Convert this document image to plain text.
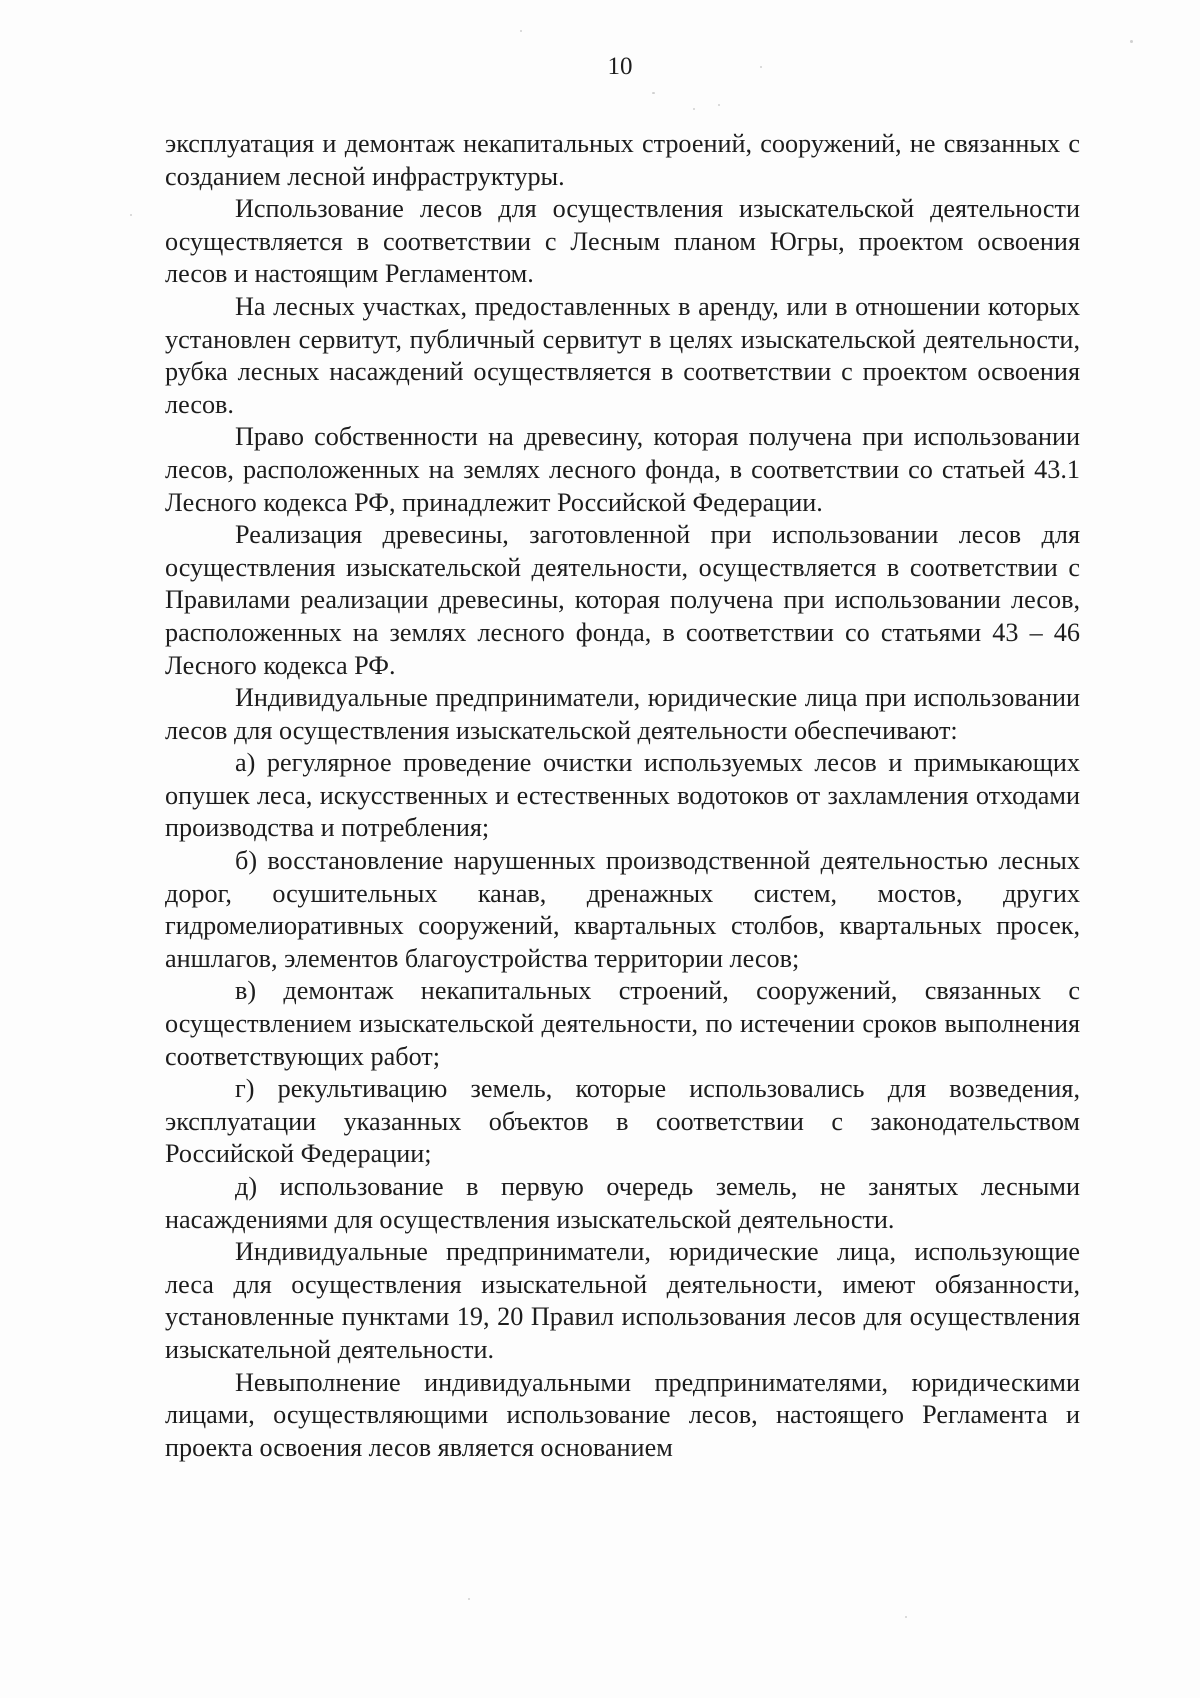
10

эксплуатация и демонтаж некапитальных строений, сооружений, не связанных с созданием лесной инфраструктуры.

Использование лесов для осуществления изыскательской деятельности осуществляется в соответствии с Лесным планом Югры, проектом освоения лесов и настоящим Регламентом.

На лесных участках, предоставленных в аренду, или в отношении которых установлен сервитут, публичный сервитут в целях изыскательской деятельности, рубка лесных насаждений осуществляется в соответствии с проектом освоения лесов.

Право собственности на древесину, которая получена при использовании лесов, расположенных на землях лесного фонда, в соответствии со статьей 43.1 Лесного кодекса РФ, принадлежит Российской Федерации.

Реализация древесины, заготовленной при использовании лесов для осуществления изыскательской деятельности, осуществляется в соответствии с Правилами реализации древесины, которая получена при использовании лесов, расположенных на землях лесного фонда, в соответствии со статьями 43 – 46 Лесного кодекса РФ.

Индивидуальные предприниматели, юридические лица при использовании лесов для осуществления изыскательской деятельности обеспечивают:

а) регулярное проведение очистки используемых лесов и примыкающих опушек леса, искусственных и естественных водотоков от захламления отходами производства и потребления;

б) восстановление нарушенных производственной деятельностью лесных дорог, осушительных канав, дренажных систем, мостов, других гидромелиоративных сооружений, квартальных столбов, квартальных просек, аншлагов, элементов благоустройства территории лесов;

в) демонтаж некапитальных строений, сооружений, связанных с осуществлением изыскательской деятельности, по истечении сроков выполнения соответствующих работ;

г) рекультивацию земель, которые использовались для возведения, эксплуатации указанных объектов в соответствии с законодательством Российской Федерации;

д) использование в первую очередь земель, не занятых лесными насаждениями для осуществления изыскательской деятельности.

Индивидуальные предприниматели, юридические лица, использующие леса для осуществления изыскательной деятельности, имеют обязанности, установленные пунктами 19, 20 Правил использования лесов для осуществления изыскательной деятельности.

Невыполнение индивидуальными предпринимателями, юридическими лицами, осуществляющими использование лесов, настоящего Регламента и проекта освоения лесов является основанием
